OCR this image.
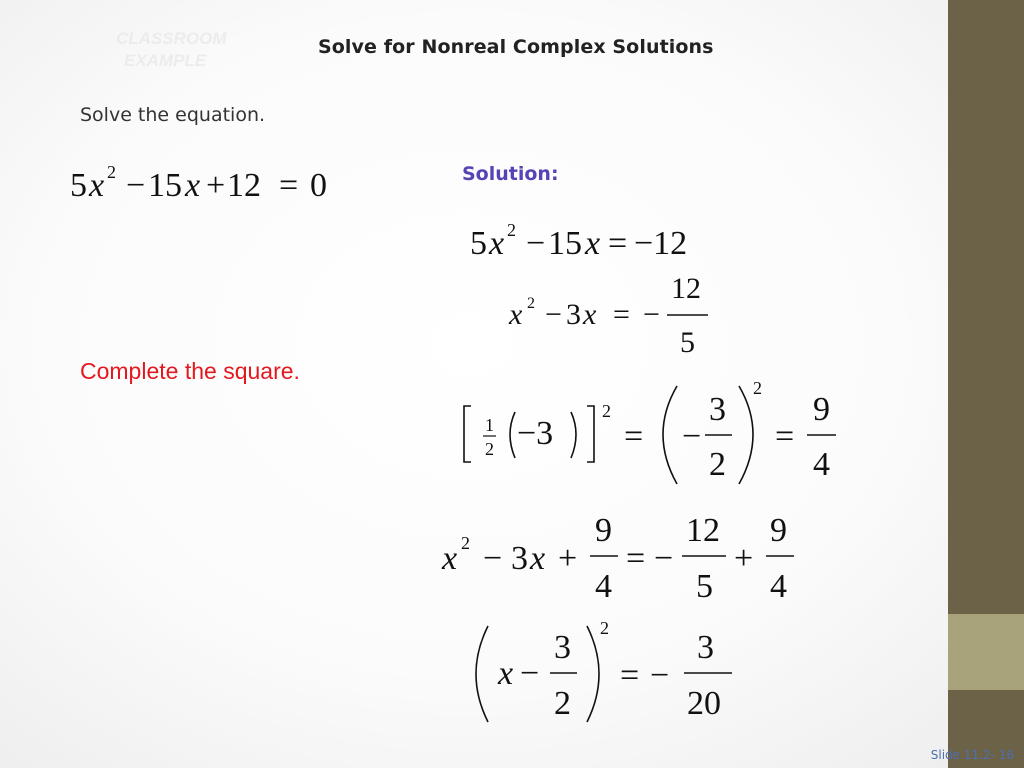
CLASSROOM
EXAMPLE
Solve for Nonreal Complex Solutions
Solve the equation.
Solution:
Complete the square.
5 x 2 − 15 x + 12 = 0
5 x 2 − 15 x = −12
x 2 − 3 x = −
12
5
1
2 −3
2
= −
3
2
2
=
9
4
x 2 − 3 x +
9
4
= −
12
5
+
9
4
x −
3
2
2
= −
3
20
Slide 11.2- 16
